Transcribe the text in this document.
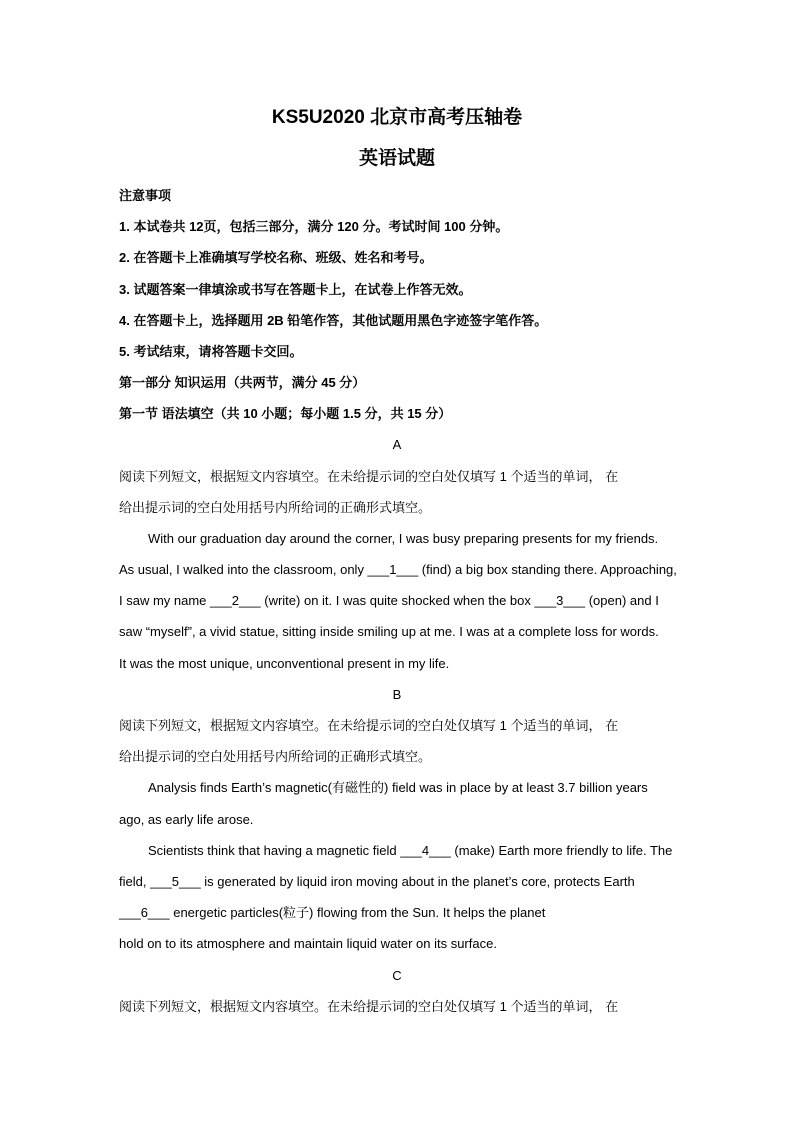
KS5U2020 北京市高考压轴卷
英语试题
注意事项
1. 本试卷共 12页，包括三部分，满分 120 分。考试时间 100 分钟。
2. 在答题卡上准确填写学校名称、班级、姓名和考号。
3. 试题答案一律填涂或书写在答题卡上，在试卷上作答无效。
4. 在答题卡上，选择题用 2B 铅笔作答，其他试题用黑色字迹签字笔作答。
5. 考试结束，请将答题卡交回。
第一部分 知识运用（共两节，满分 45 分）
第一节 语法填空（共 10 小题；每小题 1.5 分，共 15 分）
A
阅读下列短文，根据短文内容填空。在未给提示词的空白处仅填写 1 个适当的单词， 在
给出提示词的空白处用括号内所给词的正确形式填空。
With our graduation day around the corner, I was busy preparing presents for my friends.
As usual, I walked into the classroom, only ___1___ (find) a big box standing there. Approaching,
I saw my name ___2___ (write) on it. I was quite shocked when the box ___3___ (open) and I
saw “myself”, a vivid statue, sitting inside smiling up at me. I was at a complete loss for words.
It was the most unique, unconventional present in my life.
B
阅读下列短文，根据短文内容填空。在未给提示词的空白处仅填写 1 个适当的单词， 在
给出提示词的空白处用括号内所给词的正确形式填空。
Analysis finds Earth’s magnetic(有磁性的) field was in place by at least 3.7 billion years
ago, as early life arose.
Scientists think that having a magnetic field ___4___ (make) Earth more friendly to life. The
field, ___5___ is generated by liquid iron moving about in the planet’s core, protects Earth
___6___ energetic particles(粒子) flowing from the Sun. It helps the planet
hold on to its atmosphere and maintain liquid water on its surface.
C
阅读下列短文，根据短文内容填空。在未给提示词的空白处仅填写 1 个适当的单词， 在
